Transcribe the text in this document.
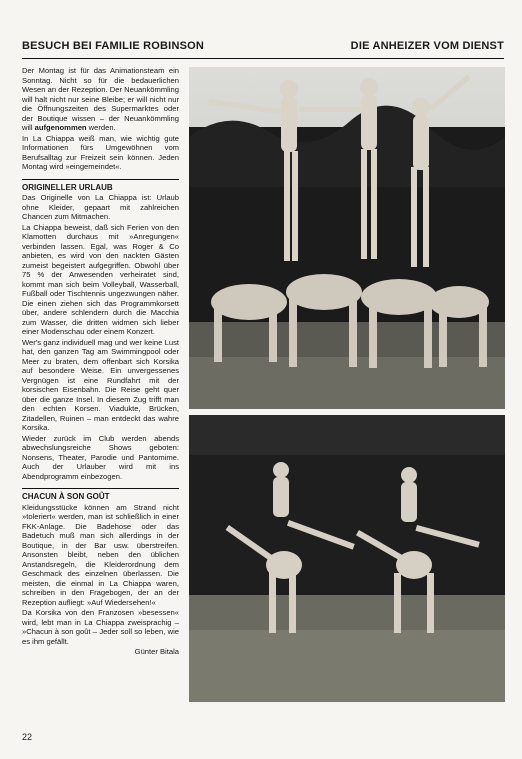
BESUCH BEI FAMILIE ROBINSON	DIE ANHEIZER VOM DIENST

Der Montag ist für das Animationsteam ein Sonntag. Nicht so für die bedauerlichen Wesen an der Rezeption. Der Neuankömmling will halt nicht nur seine Bleibe; er will nicht nur die Öffnungszeiten des Supermarktes oder der Boutique wissen – der Neuankömmling will aufgenommen werden.

In La Chiappa weiß man, wie wichtig gute Informationen fürs Umgewöhnen vom Berufsalltag zur Freizeit sein können. Jeden Montag wird »eingemeindet«.

ORIGINELLER URLAUB

Das Originelle von La Chiappa ist: Urlaub ohne Kleider, gepaart mit zahlreichen Chancen zum Mitmachen.

La Chiappa beweist, daß sich Ferien von den Klamotten durchaus mit »Anregungen« verbinden lassen. Egal, was Roger & Co anbieten, es wird von den nackten Gästen zumeist begeistert aufgegriffen. Obwohl über 75 % der Anwesenden verheiratet sind, kommt man sich beim Volleyball, Wasserball, Fußball oder Tischtennis ungezwungen näher. Die einen ziehen sich das Programmkorsett über, andere schlendern durch die Macchia zum Wasser, die dritten widmen sich lieber einer Modenschau oder einem Konzert.

Wer's ganz individuell mag und wer keine Lust hat, den ganzen Tag am Swimmingpool oder Meer zu braten, dem offenbart sich Korsika auf besondere Weise. Ein unvergessenes Vergnügen ist eine Rundfahrt mit der korsischen Eisenbahn. Die Reise geht quer über die ganze Insel. In diesem Zug trifft man den echten Korsen. Viadukte, Brücken, Zitadellen, Ruinen – man entdeckt das wahre Korsika.

Wieder zurück im Club werden abends abwechslungsreiche Shows geboten: Nonsens, Theater, Parodie und Pantomime. Auch der Urlauber wird mit ins Abendprogramm einbezogen.

CHACUN À SON GOÛT

Kleidungsstücke können am Strand nicht »toleriert« werden, man ist schließlich in einer FKK-Anlage. Die Badehose oder das Badetuch muß man sich allerdings in der Boutique, in der Bar usw. überstreifen. Ansonsten bleibt, neben den üblichen Anstandsregeln, die Kleiderordnung dem Geschmack des einzelnen überlassen. Die meisten, die einmal in La Chiappa waren, schreiben in den Fragebogen, der an der Rezeption aufliegt: »Auf Wiedersehen!«

Da Korsika von den Franzosen »besessen« wird, lebt man in La Chiappa zweisprachig – »Chacun à son goût – Jeder soll so leben, wie es ihm gefällt.

Günter Bitala

22
